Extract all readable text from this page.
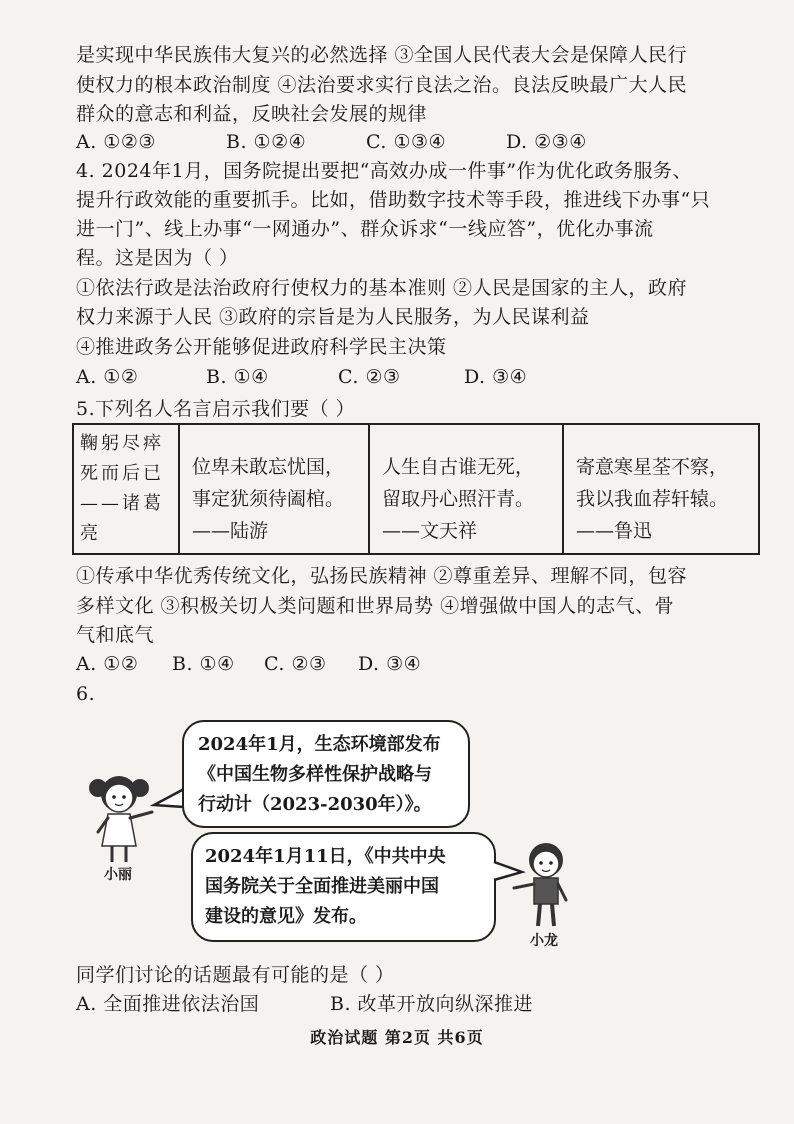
是实现中华民族伟大复兴的必然选择 ③全国人民代表大会是保障人民行
使权力的根本政治制度 ④法治要求实行良法之治。良法反映最广大人民
群众的意志和利益，反映社会发展的规律
A. ①②③	B. ①②④	C. ①③④	D. ②③④
4. 2024年1月，国务院提出要把“高效办成一件事”作为优化政务服务、
提升行政效能的重要抓手。比如，借助数字技术等手段，推进线下办事“只
进一门”、线上办事“一网通办”、群众诉求“一线应答”，优化办事流
程。这是因为（ ）
①依法行政是法治政府行使权力的基本准则 ②人民是国家的主人，政府
权力来源于人民 ③政府的宗旨是为人民服务，为人民谋利益
④推进政务公开能够促进政府科学民主决策
A. ①②	B. ①④	C. ②③	D. ③④
5.下列名人名言启示我们要（ ）
鞠躬尽瘁
死而后已
——诸葛
亮

位卑未敢忘忧国，
事定犹须待阖棺。
——陆游

人生自古谁无死，
留取丹心照汗青。
——文天祥

寄意寒星荃不察，
我以我血荐轩辕。
——鲁迅
①传承中华优秀传统文化，弘扬民族精神 ②尊重差异、理解不同，包容
多样文化 ③积极关切人类问题和世界局势 ④增强做中国人的志气、骨
气和底气
A. ①② B. ①④ C. ②③ D. ③④
6.
小丽
2024年1月，生态环境部发布
《中国生物多样性保护战略与
行动计（2023-2030年）》。
2024年1月11日，《中共中央
国务院关于全面推进美丽中国
建设的意见》发布。
小龙
同学们讨论的话题最有可能的是（ ）
A. 全面推进依法治国	B. 改革开放向纵深推进
政治试题 第2页 共6页
